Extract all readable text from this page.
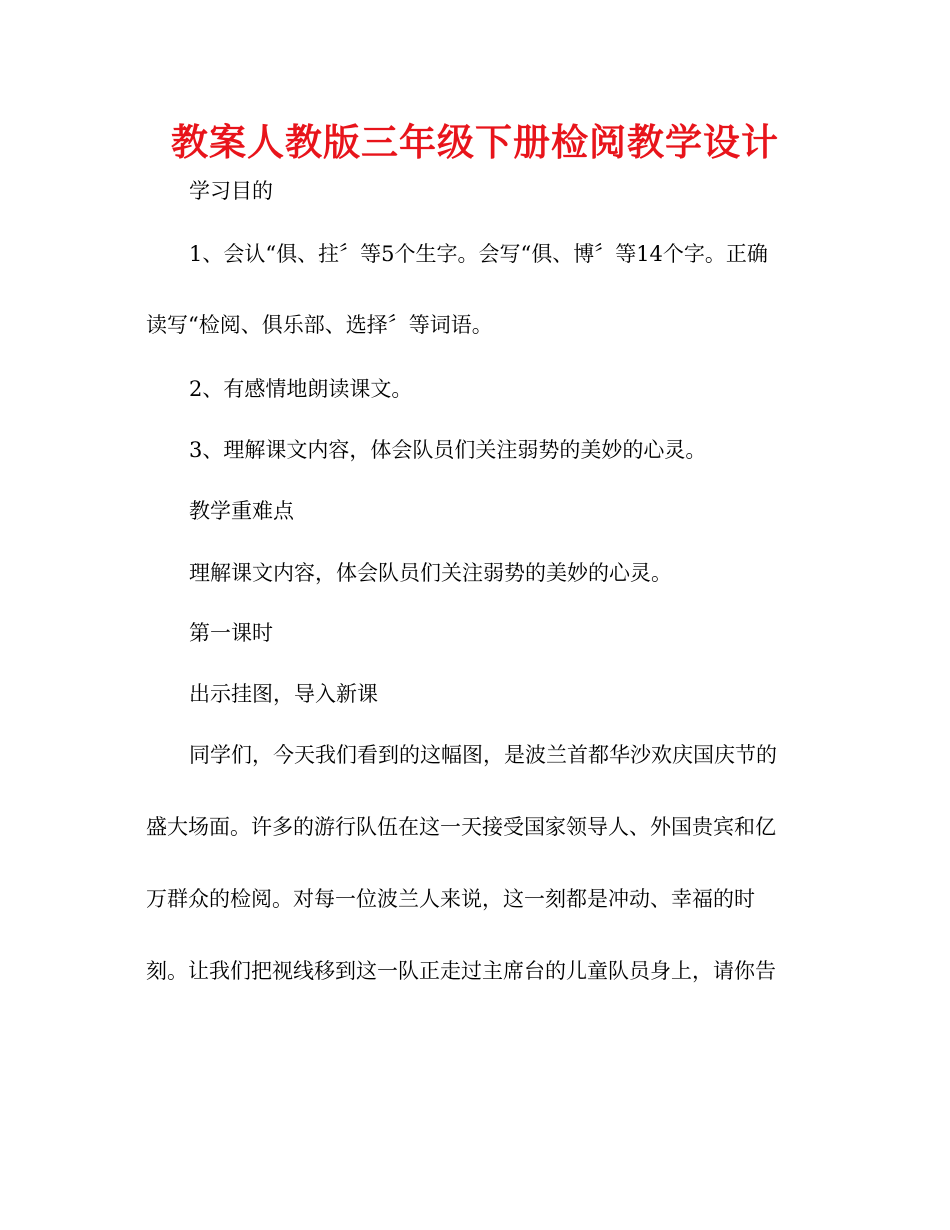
教案人教版三年级下册检阅教学设计

学习目的

1、会认“俱、拄〞等5个生字。会写“俱、博〞等14个字。正确

读写“检阅、俱乐部、选择〞等词语。

2、有感情地朗读课文。

3、理解课文内容，体会队员们关注弱势的美妙的心灵。

教学重难点

理解课文内容，体会队员们关注弱势的美妙的心灵。

第一课时

出示挂图，导入新课

同学们，今天我们看到的这幅图，是波兰首都华沙欢庆国庆节的

盛大场面。许多的游行队伍在这一天接受国家领导人、外国贵宾和亿

万群众的检阅。对每一位波兰人来说，这一刻都是冲动、幸福的时

刻。让我们把视线移到这一队正走过主席台的儿童队员身上，请你告
